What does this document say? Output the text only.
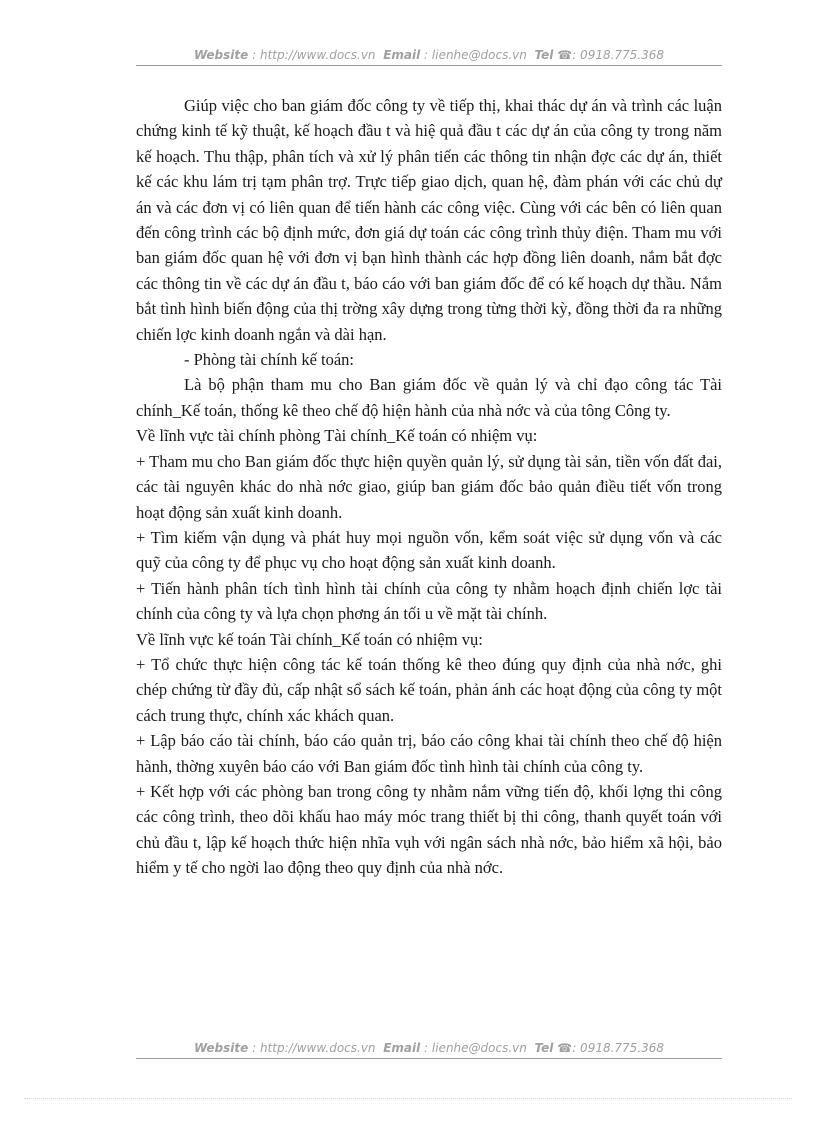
Website : http://www.docs.vn Email : lienhe@docs.vn Tel ☎: 0918.775.368

Giúp việc cho ban giám đốc công ty về tiếp thị, khai thác dự án và trình các luận chứng kinh tế kỹ thuật, kế hoạch đầu t và hiệ quả đầu t các dự án của công ty trong năm kế hoạch. Thu thập, phân tích và xử lý phân tiến các thông tin nhận đợc các dự án, thiết kế các khu lám trị tạm phân trợ. Trực tiếp giao dịch, quan hệ, đàm phán với các chủ dự án và các đơn vị có liên quan để tiến hành các công việc. Cùng với các bên có liên quan đến công trình các bộ định mức, đơn giá dự toán các công trình thủy điện. Tham mu với ban giám đốc quan hệ với đơn vị bạn hình thành các hợp đồng liên doanh, nắm bắt đợc các thông tin về các dự án đầu t, báo cáo với ban giám đốc để có kế hoạch dự thầu. Nắm bắt tình hình biến động của thị trờng xây dựng trong từng thời kỳ, đồng thời đa ra những chiến lợc kinh doanh ngắn và dài hạn.

- Phòng tài chính kế toán:

Là bộ phận tham mu cho Ban giám đốc về quản lý và chỉ đạo công tác Tài chính_Kế toán, thống kê theo chế độ hiện hành của nhà nớc và của tông Công ty.

Về lĩnh vực tài chính phòng Tài chính_Kế toán có nhiệm vụ:

+ Tham mu cho Ban giám đốc thực hiện quyền quản lý, sử dụng tài sản, tiền vốn đất đai, các tài nguyên khác do nhà nớc giao, giúp ban giám đốc bảo quản điều tiết vốn trong hoạt động sản xuất kinh doanh.

+ Tìm kiếm vận dụng và phát huy mọi nguồn vốn, kểm soát việc sử dụng vốn và các quỹ của công ty để phục vụ cho hoạt động sản xuất kinh doanh.

+ Tiến hành phân tích tình hình tài chính của công ty nhằm hoạch định chiến lợc tài chính của công ty và lựa chọn phơng án tối u về mặt tài chính.

Về lĩnh vực kế toán Tài chính_Kế toán có nhiệm vụ:

+ Tổ chức thực hiện công tác kế toán thống kê theo đúng quy định của nhà nớc, ghi chép chứng từ đầy đủ, cấp nhật sổ sách kế toán, phản ánh các hoạt động của công ty một cách trung thực, chính xác khách quan.

+ Lập báo cáo tài chính, báo cáo quản trị, báo cáo công khai tài chính theo chế độ hiện hành, thờng xuyên báo cáo với Ban giám đốc tình hình tài chính của công ty.

+ Kết hợp với các phòng ban trong công ty nhằm nắm vững tiến độ, khối lợng thi công các công trình, theo dõi khấu hao máy móc trang thiết bị thi công, thanh quyết toán với chủ đầu t, lập kế hoạch thức hiện nhĩa vụh với ngân sách nhà nớc, bảo hiểm xã hội, bảo hiểm y tế cho ngời lao động theo quy định của nhà nớc.

Website : http://www.docs.vn Email : lienhe@docs.vn Tel ☎: 0918.775.368
